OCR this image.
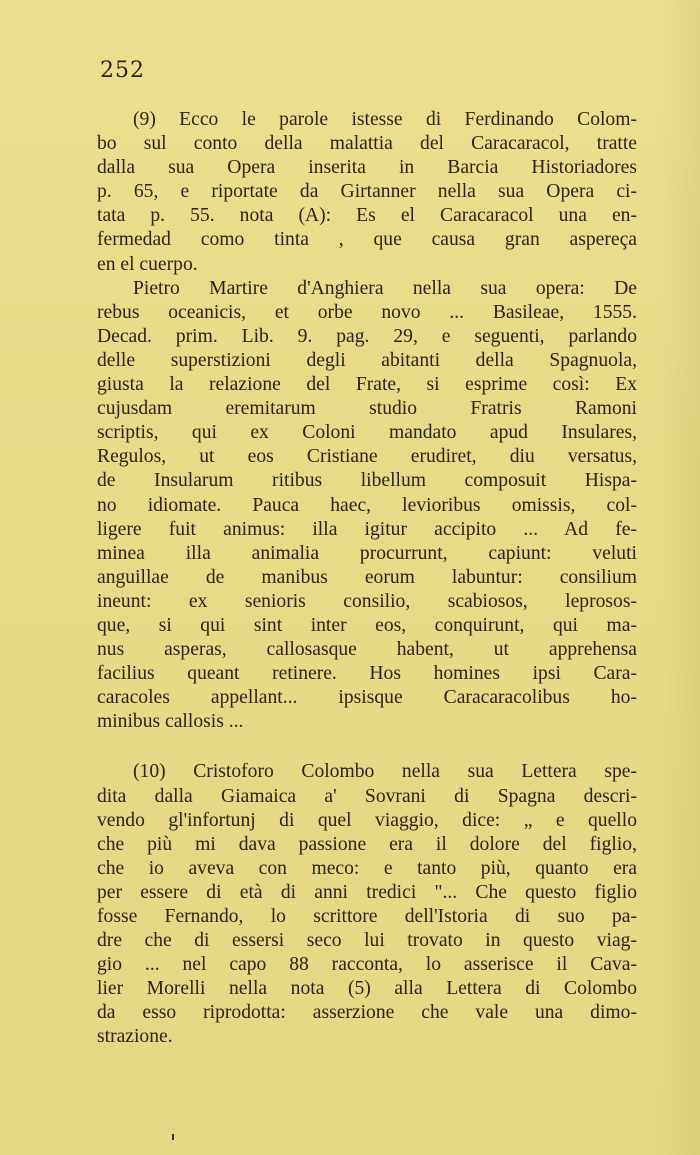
252
(9) Ecco le parole istesse di Ferdinando Colom-
bo sul conto della malattia del Caracaracol, tratte
dalla sua Opera inserita in Barcia Historiadores
p. 65, e riportate da Girtanner nella sua Opera ci-
tata p. 55. nota (A): Es el Caracaracol una en-
fermedad como tinta , que causa gran aspereça
en el cuerpo.
Pietro Martire d'Anghiera nella sua opera: De
rebus oceanicis, et orbe novo ... Basileae, 1555.
Decad. prim. Lib. 9. pag. 29, e seguenti, parlando
delle superstizioni degli abitanti della Spagnuola,
giusta la relazione del Frate, si esprime così: Ex
cujusdam eremitarum studio Fratris Ramoni
scriptis, qui ex Coloni mandato apud Insulares,
Regulos, ut eos Cristiane erudiret, diu versatus,
de Insularum ritibus libellum composuit Hispa-
no idiomate. Pauca haec, levioribus omissis, col-
ligere fuit animus: illa igitur accipito ... Ad fe-
minea illa animalia procurrunt, capiunt: veluti
anguillae de manibus eorum labuntur: consilium
ineunt: ex senioris consilio, scabiosos, leprosos-
que, si qui sint inter eos, conquirunt, qui ma-
nus asperas, callosasque habent, ut apprehensa
facilius queant retinere. Hos homines ipsi Cara-
caracoles appellant... ipsisque Caracaracolibus ho-
minibus callosis ...
(10) Cristoforo Colombo nella sua Lettera spe-
dita dalla Giamaica a' Sovrani di Spagna descri-
vendo gl'infortunj di quel viaggio, dice: „ e quello
che più mi dava passione era il dolore del figlio,
che io aveva con meco: e tanto più, quanto era
per essere di età di anni tredici "... Che questo figlio
fosse Fernando, lo scrittore dell'Istoria di suo pa-
dre che di essersi seco lui trovato in questo viag-
gio ... nel capo 88 racconta, lo asserisce il Cava-
lier Morelli nella nota (5) alla Lettera di Colombo
da esso riprodotta: asserzione che vale una dimo-
strazione.
